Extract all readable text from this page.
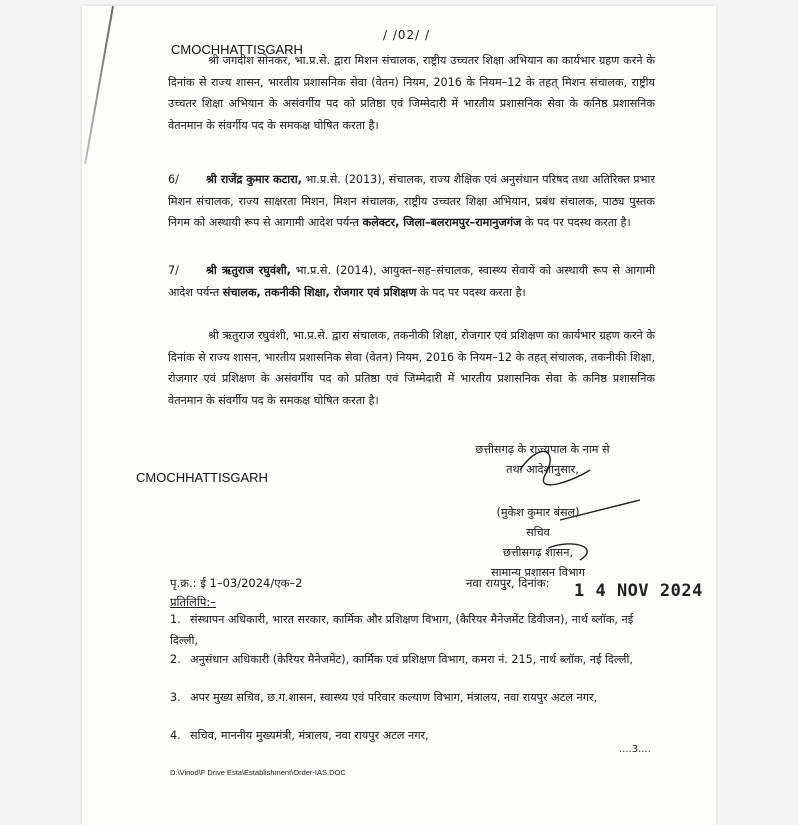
/ /02/ /
CMOCHHATTISGARH
CMOCHHATTISGARH
श्री जगदीश सोनकर, भा.प्र.से. द्वारा मिशन संचालक, राष्ट्रीय उच्चतर शिक्षा अभियान का कार्यभार ग्रहण करने के दिनांक से राज्य शासन, भारतीय प्रशासनिक सेवा (वेतन) नियम, 2016 के नियम–12 के तहत् मिशन संचालक, राष्ट्रीय उच्चतर शिक्षा अभियान के असंवर्गीय पद को प्रतिष्ठा एवं जिम्मेदारी में भारतीय प्रशासनिक सेवा के कनिष्ठ प्रशासनिक वेतनमान के संवर्गीय पद के समकक्ष घोषित करता है।
6/ श्री राजेंद्र कुमार कटारा, भा.प्र.से. (2013), संचालक, राज्य शैक्षिक एवं अनुसंधान परिषद तथा अतिरिक्त प्रभार मिशन संचालक, राज्य साक्षरता मिशन, मिशन संचालक, राष्ट्रीय उच्चतर शिक्षा अभियान, प्रबंध संचालक, पाठ्य पुस्तक निगम को अस्थायी रूप से आगामी आदेश पर्यन्त कलेक्टर, जिला–बलरामपुर–रामानुजगंज के पद पर पदस्थ करता है।
7/ श्री ऋतुराज रघुवंशी, भा.प्र.से. (2014), आयुक्त–सह–संचालक, स्वास्थ्य सेवायें को अस्थायी रूप से आगामी आदेश पर्यन्त संचालक, तकनीकी शिक्षा, रोजगार एवं प्रशिक्षण के पद पर पदस्थ करता है।
श्री ऋतुराज रघुवंशी, भा.प्र.से. द्वारा संचालक, तकनीकी शिक्षा, रोजगार एवं प्रशिक्षण का कार्यभार ग्रहण करने के दिनांक से राज्य शासन, भारतीय प्रशासनिक सेवा (वेतन) नियम, 2016 के नियम–12 के तहत् संचालक, तकनीकी शिक्षा, रोजगार एवं प्रशिक्षण के असंवर्गीय पद को प्रतिष्ठा एवं जिम्मेदारी में भारतीय प्रशासनिक सेवा के कनिष्ठ प्रशासनिक वेतनमान के संवर्गीय पद के समकक्ष घोषित करता है।
छत्तीसगढ़ के राज्यपाल के नाम से
तथा आदेशानुसार,
(मुकेश कुमार बंसल)
सचिव
छत्तीसगढ़ शासन,
सामान्य प्रशासन विभाग
पृ.क्र.: ई 1–03/2024/एक–2	नवा रायपुर, दिनांक: 1 4 NOV 2024
प्रतिलिपि:–
1. संस्थापन अधिकारी, भारत सरकार, कार्मिक और प्रशिक्षण विभाग, (कैरियर मैनेजमेंट डिवीजन), नार्थ ब्लॉक, नई दिल्ली,
2. अनुसंधान अधिकारी (केरियर मैनेजमेंट), कार्मिक एवं प्रशिक्षण विभाग, कमरा नं. 215, नार्थ ब्लॉक, नई दिल्ली,
3. अपर मुख्य सचिव, छ.ग.शासन, स्वास्थ्य एवं परिवार कल्याण विभाग, मंत्रालय, नवा रायपुर अटल नगर,
4. सचिव, माननीय मुख्यमंत्री, मंत्रालय, नवा रायपुर अटल नगर,
....3....
D:\Vinod\F Drive Esta\Establishment\Order-IAS.DOC
